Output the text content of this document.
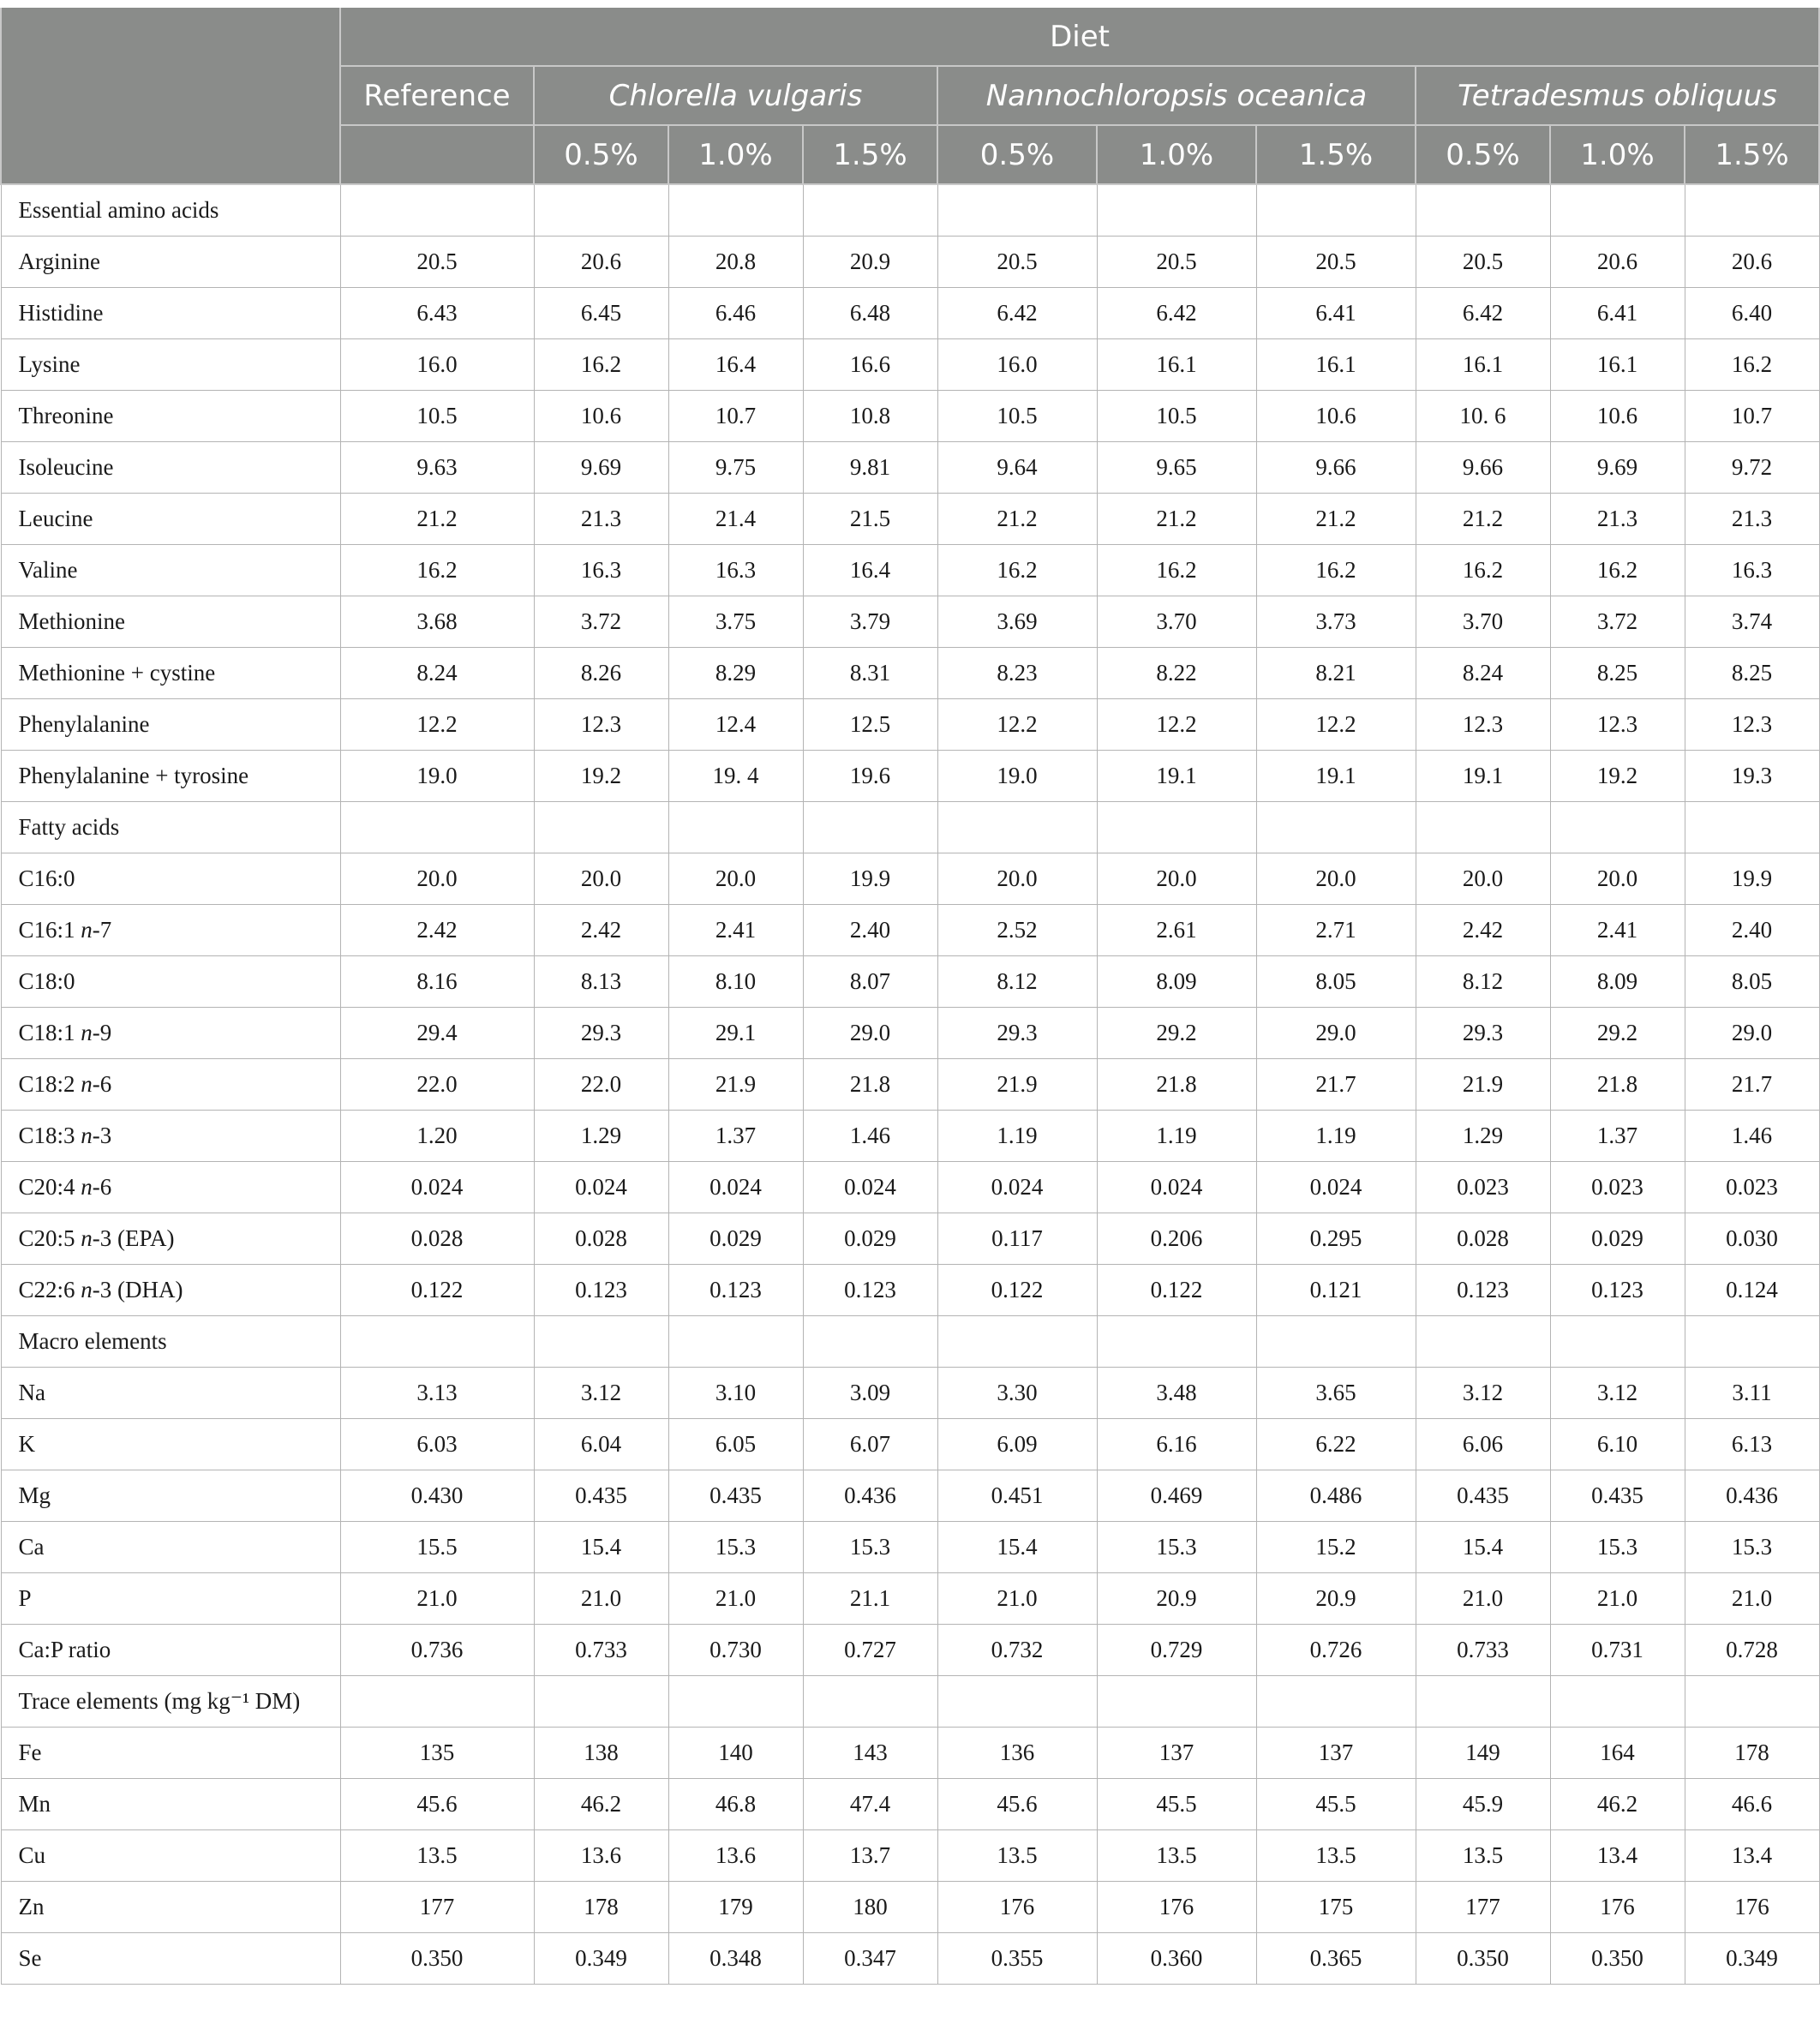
	Diet									
	Reference	Chlorella vulgaris			Nannochloropsis oceanica			Tetradesmus obliquus		
		0.5%	1.0%	1.5%	0.5%	1.0%	1.5%	0.5%	1.0%	1.5%
Essential amino acids										
Arginine	20.5	20.6	20.8	20.9	20.5	20.5	20.5	20.5	20.6	20.6
Histidine	6.43	6.45	6.46	6.48	6.42	6.42	6.41	6.42	6.41	6.40
Lysine	16.0	16.2	16.4	16.6	16.0	16.1	16.1	16.1	16.1	16.2
Threonine	10.5	10.6	10.7	10.8	10.5	10.5	10.6	10. 6	10.6	10.7
Isoleucine	9.63	9.69	9.75	9.81	9.64	9.65	9.66	9.66	9.69	9.72
Leucine	21.2	21.3	21.4	21.5	21.2	21.2	21.2	21.2	21.3	21.3
Valine	16.2	16.3	16.3	16.4	16.2	16.2	16.2	16.2	16.2	16.3
Methionine	3.68	3.72	3.75	3.79	3.69	3.70	3.73	3.70	3.72	3.74
Methionine + cystine	8.24	8.26	8.29	8.31	8.23	8.22	8.21	8.24	8.25	8.25
Phenylalanine	12.2	12.3	12.4	12.5	12.2	12.2	12.2	12.3	12.3	12.3
Phenylalanine + tyrosine	19.0	19.2	19. 4	19.6	19.0	19.1	19.1	19.1	19.2	19.3
Fatty acids										
C16:0	20.0	20.0	20.0	19.9	20.0	20.0	20.0	20.0	20.0	19.9
C16:1 n-7	2.42	2.42	2.41	2.40	2.52	2.61	2.71	2.42	2.41	2.40
C18:0	8.16	8.13	8.10	8.07	8.12	8.09	8.05	8.12	8.09	8.05
C18:1 n-9	29.4	29.3	29.1	29.0	29.3	29.2	29.0	29.3	29.2	29.0
C18:2 n-6	22.0	22.0	21.9	21.8	21.9	21.8	21.7	21.9	21.8	21.7
C18:3 n-3	1.20	1.29	1.37	1.46	1.19	1.19	1.19	1.29	1.37	1.46
C20:4 n-6	0.024	0.024	0.024	0.024	0.024	0.024	0.024	0.023	0.023	0.023
C20:5 n-3 (EPA)	0.028	0.028	0.029	0.029	0.117	0.206	0.295	0.028	0.029	0.030
C22:6 n-3 (DHA)	0.122	0.123	0.123	0.123	0.122	0.122	0.121	0.123	0.123	0.124
Macro elements										
Na	3.13	3.12	3.10	3.09	3.30	3.48	3.65	3.12	3.12	3.11
K	6.03	6.04	6.05	6.07	6.09	6.16	6.22	6.06	6.10	6.13
Mg	0.430	0.435	0.435	0.436	0.451	0.469	0.486	0.435	0.435	0.436
Ca	15.5	15.4	15.3	15.3	15.4	15.3	15.2	15.4	15.3	15.3
P	21.0	21.0	21.0	21.1	21.0	20.9	20.9	21.0	21.0	21.0
Ca:P ratio	0.736	0.733	0.730	0.727	0.732	0.729	0.726	0.733	0.731	0.728
Trace elements (mg kg⁻¹ DM)										
Fe	135	138	140	143	136	137	137	149	164	178
Mn	45.6	46.2	46.8	47.4	45.6	45.5	45.5	45.9	46.2	46.6
Cu	13.5	13.6	13.6	13.7	13.5	13.5	13.5	13.5	13.4	13.4
Zn	177	178	179	180	176	176	175	177	176	176
Se	0.350	0.349	0.348	0.347	0.355	0.360	0.365	0.350	0.350	0.349
